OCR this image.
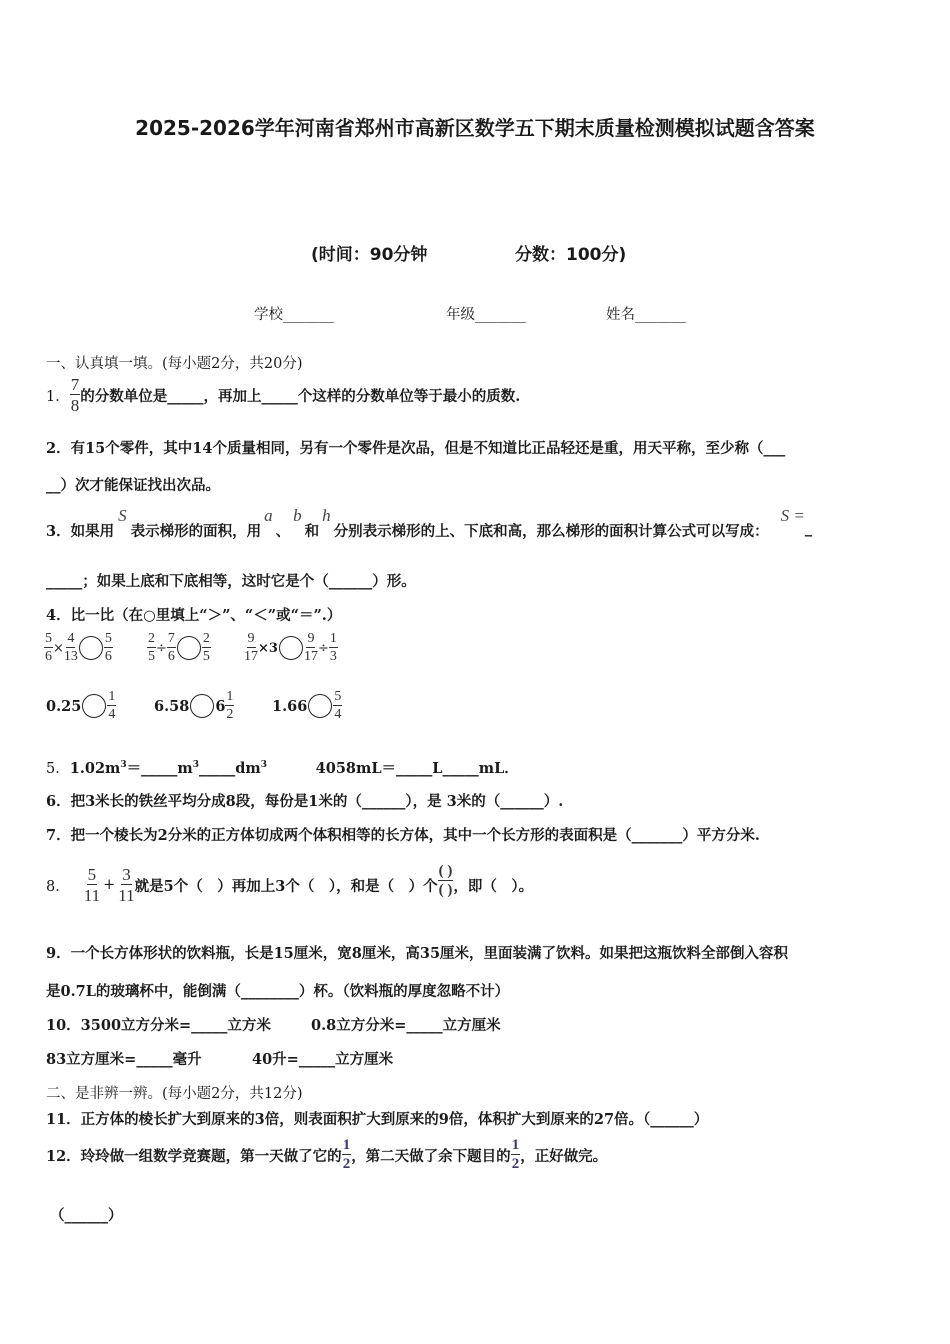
2025-2026学年河南省郑州市高新区数学五下期末质量检测模拟试题含答案
(时间：90分钟	分数：100分)
学校_______	年级_______	姓名_______
一、认真填一填。(每小题2分，共20分)
1． $\frac{7}{8}$ 的分数单位是_____，再加上_____个这样的分数单位等于最小的质数.
2．有15个零件，其中14个质量相同，另有一个零件是次品，但是不知道比正品轻还是重，用天平称，至少称（___
__）次才能保证找出次品。
3．如果用
S
表示梯形的面积，用
a
、
b
和
h
分别表示梯形的上、下底和高，那么梯形的面积计算公式可以写成：
S =
_
_____；如果上底和下底相等，这时它是个（______）形。
4．比一比（在○里填上“＞”、“＜”或“＝”.）
$\frac{5}{6} \times \frac{4}{13} \frac{5}{6} \frac{2}{5} \div \frac{7}{6} \frac{2}{5} \frac{9}{17} \times 3 \frac{9}{17} \div \frac{1}{3}$
$0.25 \frac{1}{4}$	6.58 $6 \frac{1}{2}$	$1.66 \frac{5}{4}$
5．$1.02m^3=\_\_\_\_\_m^3\_\_\_\_\_dm^3$	4058mL＝_____L_____mL．
6．把3米长的铁丝平均分成8段，每份是1米的（______），是 3米的（______）.
7．把一个棱长为2分米的正方体切成两个体积相等的长方体，其中一个长方形的表面积是（_______）平方分米.
8． $\frac{5}{11} + \frac{3}{11}$ 就是5个（　）再加上3个（　），和是（　）个 $\frac{( )}{( )}$ ，即（　）。
9．一个长方体形状的饮料瓶，长是15厘米，宽8厘米，高35厘米，里面装满了饮料。如果把这瓶饮料全部倒入容积
是0.7L的玻璃杯中，能倒满（________）杯。（饮料瓶的厚度忽略不计）
10．3500立方分米=_____立方米	0.8立方分米=_____立方厘米
83立方厘米=_____毫升	40升=_____立方厘米
二、是非辨一辨。(每小题2分，共12分)
11．正方体的棱长扩大到原来的3倍，则表面积扩大到原来的9倍，体积扩大到原来的27倍。（______）
12．玲玲做一组数学竞赛题，第一天做了它的 $\frac{1}{2}$ ，第二天做了余下题目的 $\frac{1}{2}$ ，正好做完。
（______）
